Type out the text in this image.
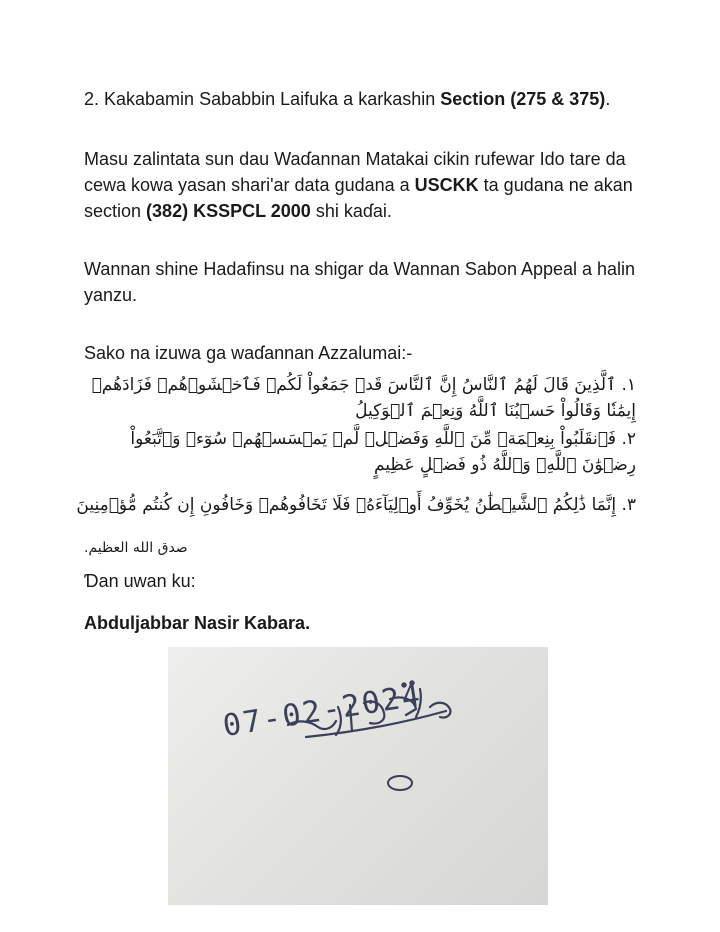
2. Kakabamin Sababbin Laifuka a karkashin Section (275 & 375).

Masu zalintata sun dau Waɗannan Matakai cikin rufewar Ido tare da cewa kowa yasan shari'ar data gudana a USCKK ta gudana ne akan section (382) KSSPCL 2000 shi kaɗai.

Wannan shine Hadafinsu na shigar da Wannan Sabon Appeal a halin yanzu.

Sako na izuwa ga waɗannan Azzalumai:-

١. ٱلَّذِينَ قَالَ لَهُمُ ٱلنَّاسُ إِنَّ ٱلنَّاسَ قَدۡ جَمَعُواْ لَكُمۡ فَٱخۡشَوۡهُمۡ فَزَادَهُمۡ إِيمَٰنٗا وَقَالُواْ حَسۡبُنَا ٱللَّهُ وَنِعۡمَ ٱلۡوَكِيلُ

٢. فَٱنقَلَبُواْ بِنِعۡمَةٖ مِّنَ ٱللَّهِ وَفَضۡلٖ لَّمۡ يَمۡسَسۡهُمۡ سُوٓءٞ وَٱتَّبَعُواْ رِضۡوَٰنَ ٱللَّهِۗ وَٱللَّهُ ذُو فَضۡلٍ عَظِيمٍ

٣. إِنَّمَا ذَٰلِكُمُ ٱلشَّيۡطَٰنُ يُخَوِّفُ أَوۡلِيَآءَهُۥ فَلَا تَخَافُوهُمۡ وَخَافُونِ إِن كُنتُم مُّؤۡمِنِينَ

صدق الله العظيم.

Ɗan uwan ku:

Abduljabbar Nasir Kabara.

07-02-2024
